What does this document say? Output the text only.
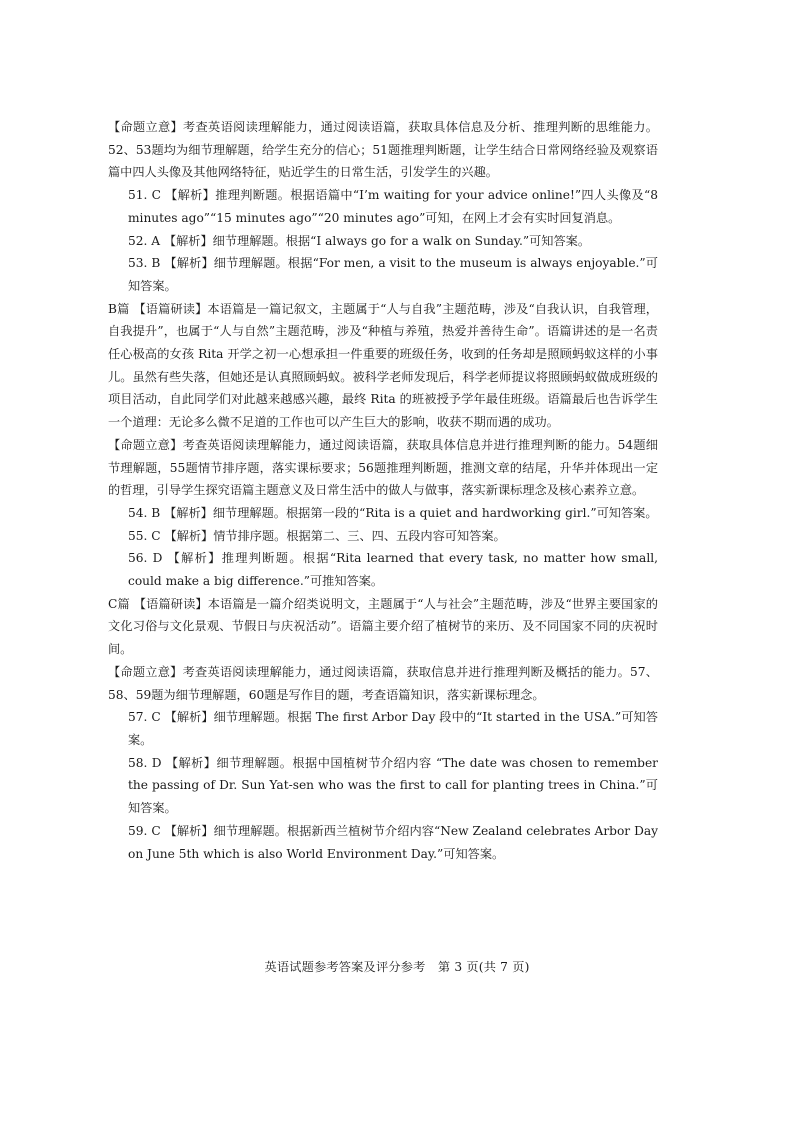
【命题立意】考查英语阅读理解能力，通过阅读语篇，获取具体信息及分析、推理判断的思维能力。52、53题均为细节理解题，给学生充分的信心；51题推理判断题，让学生结合日常网络经验及观察语篇中四人头像及其他网络特征，贴近学生的日常生活，引发学生的兴趣。

51. C 【解析】推理判断题。根据语篇中“I’m waiting for your advice online!”四人头像及“8 minutes ago”“15 minutes ago”“20 minutes ago”可知，在网上才会有实时回复消息。

52. A 【解析】细节理解题。根据“I always go for a walk on Sunday.”可知答案。

53. B 【解析】细节理解题。根据“For men, a visit to the museum is always enjoyable.”可知答案。

B篇 【语篇研读】本语篇是一篇记叙文，主题属于“人与自我”主题范畴，涉及“自我认识，自我管理，自我提升”，也属于“人与自然”主题范畴，涉及“种植与养殖，热爱并善待生命”。语篇讲述的是一名责任心极高的女孩 Rita 开学之初一心想承担一件重要的班级任务，收到的任务却是照顾蚂蚁这样的小事儿。虽然有些失落，但她还是认真照顾蚂蚁。被科学老师发现后，科学老师提议将照顾蚂蚁做成班级的项目活动，自此同学们对此越来越感兴趣，最终 Rita 的班被授予学年最佳班级。语篇最后也告诉学生一个道理：无论多么微不足道的工作也可以产生巨大的影响，收获不期而遇的成功。

【命题立意】考查英语阅读理解能力，通过阅读语篇，获取具体信息并进行推理判断的能力。54题细节理解题，55题情节排序题，落实课标要求；56题推理判断题，推测文章的结尾，升华并体现出一定的哲理，引导学生探究语篇主题意义及日常生活中的做人与做事，落实新课标理念及核心素养立意。

54. B 【解析】细节理解题。根据第一段的“Rita is a quiet and hardworking girl.”可知答案。

55. C 【解析】情节排序题。根据第二、三、四、五段内容可知答案。

56. D 【解析】推理判断题。根据“Rita learned that every task, no matter how small, could make a big difference.”可推知答案。

C篇 【语篇研读】本语篇是一篇介绍类说明文，主题属于“人与社会”主题范畴，涉及“世界主要国家的文化习俗与文化景观、节假日与庆祝活动”。语篇主要介绍了植树节的来历、及不同国家不同的庆祝时间。

【命题立意】考查英语阅读理解能力，通过阅读语篇，获取信息并进行推理判断及概括的能力。57、58、59题为细节理解题，60题是写作目的题，考查语篇知识，落实新课标理念。

57. C 【解析】细节理解题。根据 The first Arbor Day 段中的“It started in the USA.”可知答案。

58. D 【解析】细节理解题。根据中国植树节介绍内容 “The date was chosen to remember the passing of Dr. Sun Yat-sen who was the first to call for planting trees in China.”可知答案。

59. C 【解析】细节理解题。根据新西兰植树节介绍内容“New Zealand celebrates Arbor Day on June 5th which is also World Environment Day.”可知答案。

英语试题参考答案及评分参考　第 3 页(共 7 页)
